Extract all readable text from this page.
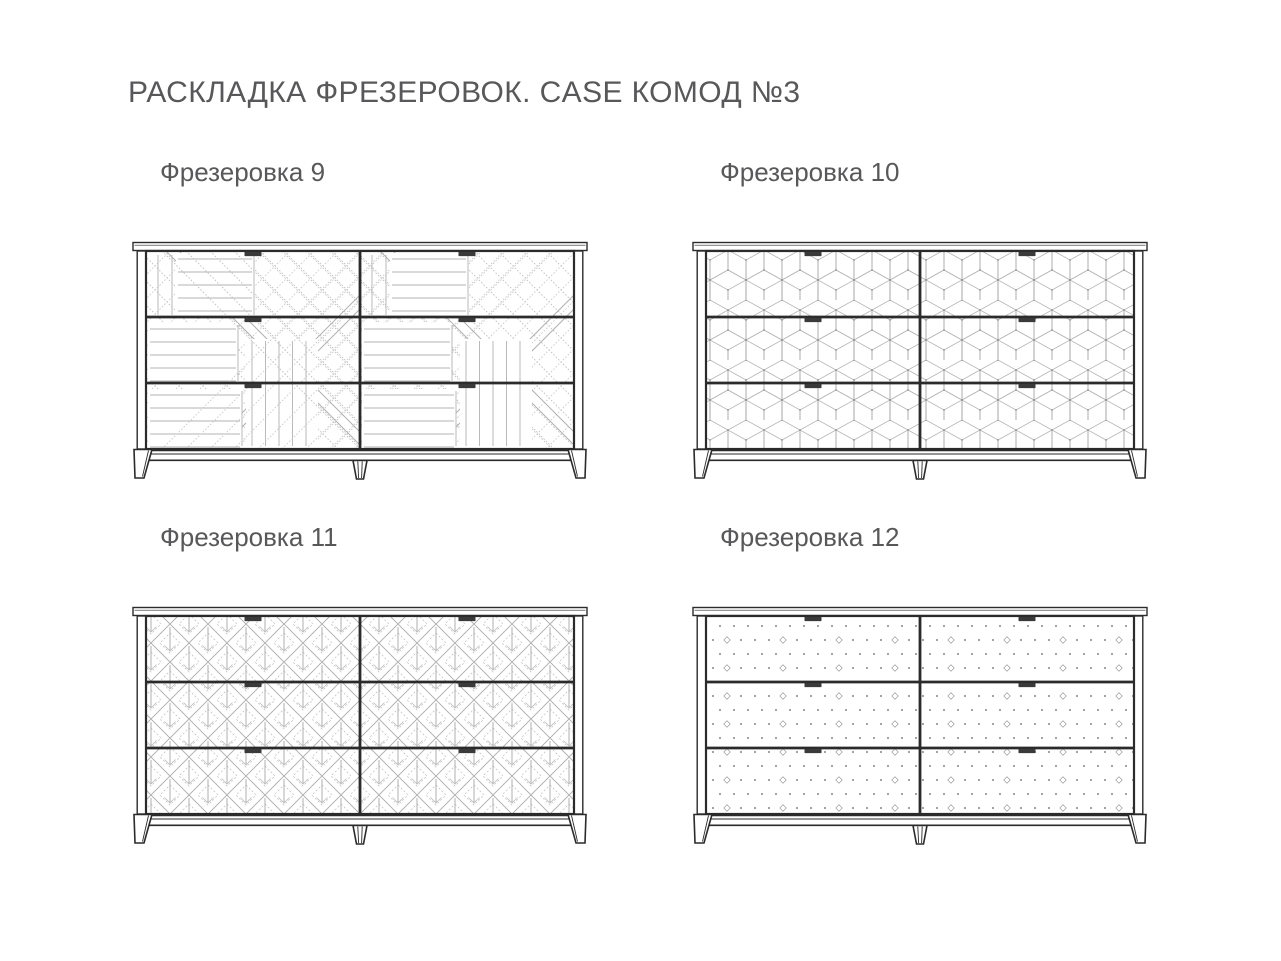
РАСКЛАДКА ФРЕЗЕРОВОК. CASE КОМОД №3
Фрезеровка 9	Фрезеровка 10
Фрезеровка 11	Фрезеровка 12
